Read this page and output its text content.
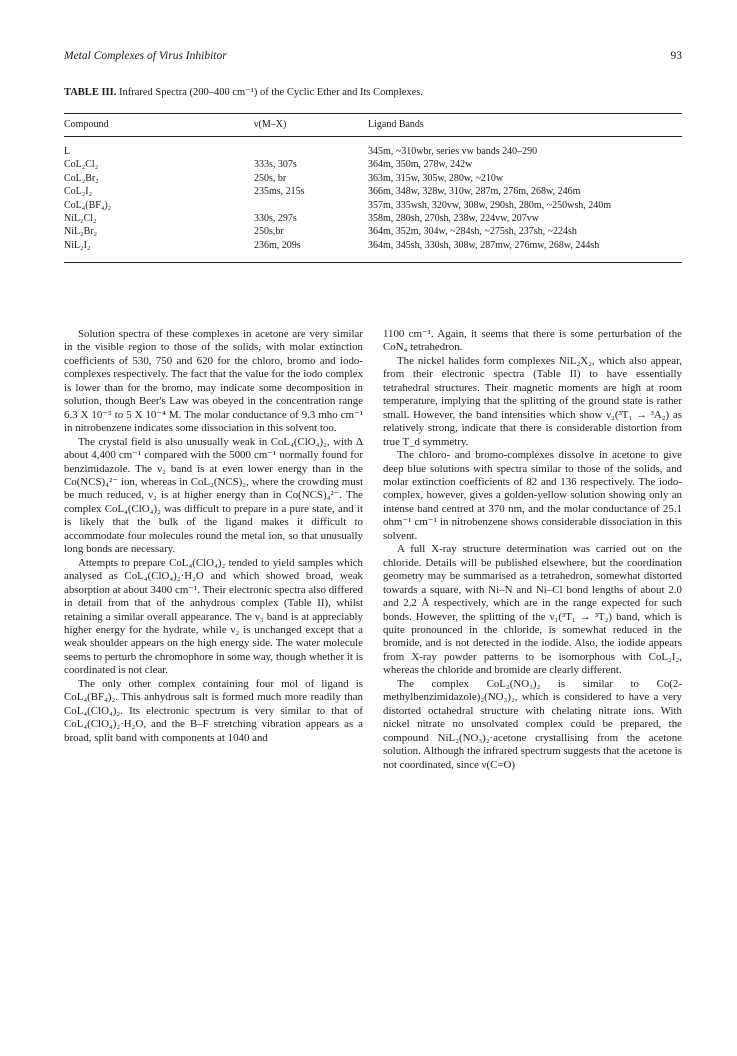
Metal Complexes of Virus Inhibitor	93
TABLE III. Infrared Spectra (200–400 cm⁻¹) of the Cyclic Ether and Its Complexes.
Compound	ν(M–X)	Ligand Bands

L		345m, ~310wbr, series vw bands 240–290
CoL₂Cl₂	333s, 307s	364m, 350m, 278w, 242w
CoL₂Br₂	250s, br	363m, 315w, 305w, 280w, ~210w
CoL₂I₂	235ms, 215s	366m, 348w, 328w, 310w, 287m, 276m, 268w, 246m
CoL₄(BF₄)₂		357m, 335wsh, 320vw, 308w, 290sh, 280m, ~250wsh, 240m
NiL₂Cl₂	330s, 297s	358m, 280sh, 270sh, 238w, 224vw, 207vw
NiL₂Br₂	250s,br	364m, 352m, 304w, ~284sh, ~275sh, 237sh, ~224sh
NiL₂I₂	236m, 209s	364m, 345sh, 330sh, 308w, 287mw, 276mw, 268w, 244sh

Solution spectra of these complexes in acetone are very similar in the visible region to those of the solids, with molar extinction coefficients of 530, 750 and 620 for the chloro, bromo and iodo-complexes respectively. The fact that the value for the iodo complex is lower than for the bromo, may indicate some decomposition in solution, though Beer's Law was obeyed in the concentration range 6.3 X 10⁻⁵ to 5 X 10⁻⁴ M. The molar conductance of 9.3 mho cm⁻¹ in nitrobenzene indicates some dissociation in this solvent too.

The crystal field is also unusually weak in CoL₄(ClO₄)₂, with Δ about 4,400 cm⁻¹ compared with the 5000 cm⁻¹ normally found for benzimidazole. The ν₂ band is at even lower energy than in the Co(NCS)₄²⁻ ion, whereas in CoL₂(NCS)₂, where the crowding must be much reduced, ν₂ is at higher energy than in Co(NCS)₄²⁻. The complex CoL₄(ClO₄)₂ was difficult to prepare in a pure state, and it is likely that the bulk of the ligand makes it difficult to accommodate four molecules round the metal ion, so that unusually long bonds are necessary.

Attempts to prepare CoL₄(ClO₄)₂ tended to yield samples which analysed as CoL₄(ClO₄)₂·H₂O and which showed broad, weak absorption at about 3400 cm⁻¹. Their electronic spectra also differed in detail from that of the anhydrous complex (Table II), whilst retaining a similar overall appearance. The ν₃ band is at appreciably higher energy for the hydrate, while ν₂ is unchanged except that a weak shoulder appears on the high energy side. The water molecule seems to perturb the chromophore in some way, though whether it is coordinated is not clear.

The only other complex containing four mol of ligand is CoL₄(BF₄)₂. This anhydrous salt is formed much more readily than CoL₄(ClO₄)₂. Its electronic spectrum is very similar to that of CoL₄(ClO₄)₂·H₂O, and the B–F stretching vibration appears as a broad, split band with components at 1040 and

1100 cm⁻¹. Again, it seems that there is some perturbation of the CoN₄ tetrahedron.

The nickel halides form complexes NiL₂X₂, which also appear, from their electronic spectra (Table II) to have essentially tetrahedral structures. Their magnetic moments are high at room temperature, implying that the splitting of the ground state is rather small. However, the band intensities which show ν₂(³T₁ → ³A₂) as relatively strong, indicate that there is considerable distortion from true T_d symmetry.

The chloro- and bromo-complexes dissolve in acetone to give deep blue solutions with spectra similar to those of the solids, and molar extinction coefficients of 82 and 136 respectively. The iodo-complex, however, gives a golden-yellow solution showing only an intense band centred at 370 nm, and the molar conductance of 25.1 ohm⁻¹ cm⁻¹ in nitrobenzene shows considerable dissociation in this solvent.

A full X-ray structure determination was carried out on the chloride. Details will be published elsewhere, but the coordination geometry may be summarised as a tetrahedron, somewhat distorted towards a square, with Ni–N and Ni–Cl bond lengths of about 2.0 and 2.2 Å respectively, which are in the range expected for such bonds. However, the splitting of the ν₁(³T₁ → ³T₂) band, which is quite pronounced in the chloride, is somewhat reduced in the bromide, and is not detected in the iodide. Also, the iodide appears from X-ray powder patterns to be isomorphous with CoL₂I₂, whereas the chloride and bromide are clearly different.

The complex CoL₂(NO₃)₂ is similar to Co(2-methylbenzimidazole)₂(NO₃)₂, which is considered to have a very distorted octahedral structure with chelating nitrate ions. With nickel nitrate no unsolvated complex could be prepared, the compound NiL₂(NO₃)₂·acetone crystallising from the acetone solution. Although the infrared spectrum suggests that the acetone is not coordinated, since ν(C=O)
